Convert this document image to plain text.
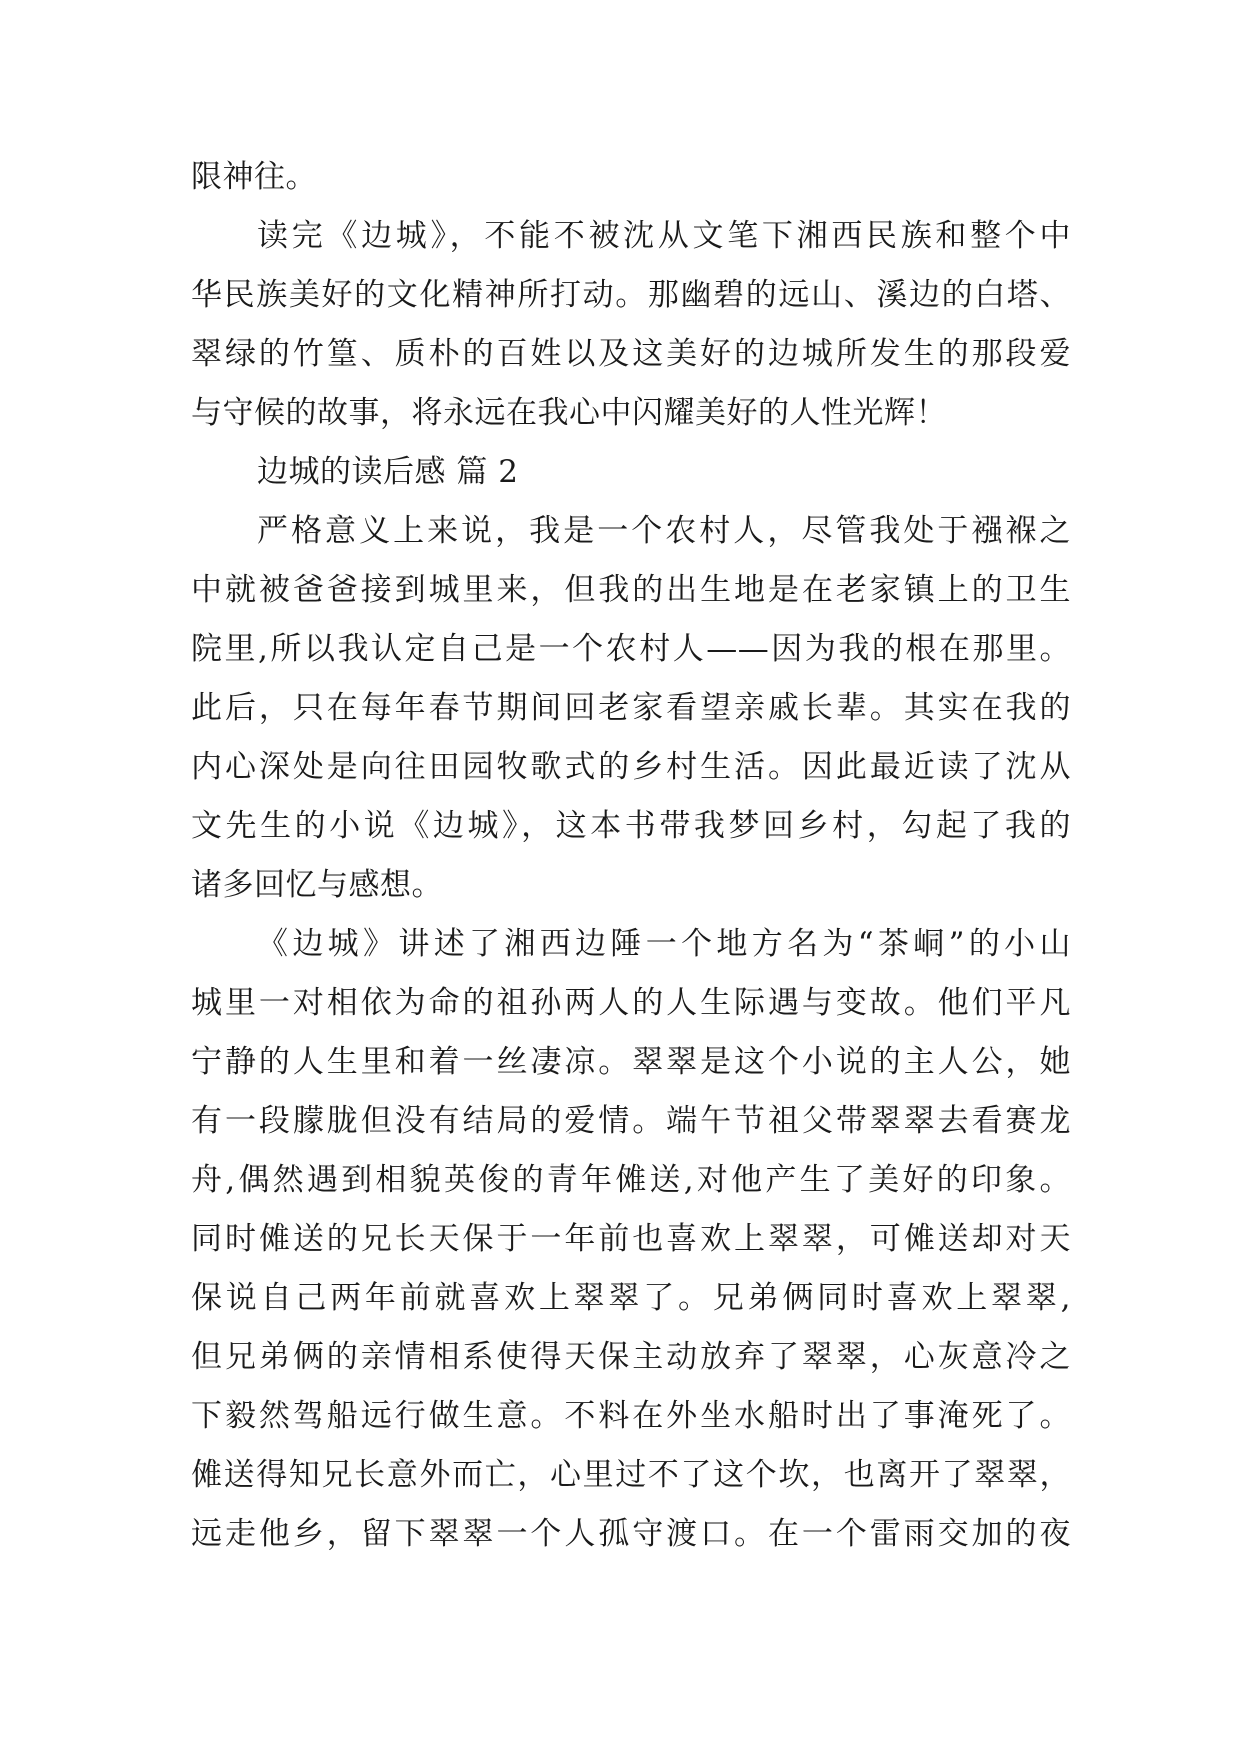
限神往。
读完《边城》，不能不被沈从文笔下湘西民族和整个中
华民族美好的文化精神所打动。那幽碧的远山、溪边的白塔、
翠绿的竹篁、质朴的百姓以及这美好的边城所发生的那段爱
与守候的故事，将永远在我心中闪耀美好的人性光辉！
边城的读后感 篇 2
严格意义上来说，我是一个农村人，尽管我处于襁褓之
中就被爸爸接到城里来，但我的出生地是在老家镇上的卫生
院里,所以我认定自己是一个农村人——因为我的根在那里。
此后，只在每年春节期间回老家看望亲戚长辈。其实在我的
内心深处是向往田园牧歌式的乡村生活。因此最近读了沈从
文先生的小说《边城》，这本书带我梦回乡村，勾起了我的
诸多回忆与感想。
《边城》讲述了湘西边陲一个地方名为“茶峒”的小山
城里一对相依为命的祖孙两人的人生际遇与变故。他们平凡
宁静的人生里和着一丝凄凉。翠翠是这个小说的主人公，她
有一段朦胧但没有结局的爱情。端午节祖父带翠翠去看赛龙
舟,偶然遇到相貌英俊的青年傩送,对他产生了美好的印象。
同时傩送的兄长天保于一年前也喜欢上翠翠，可傩送却对天
保说自己两年前就喜欢上翠翠了。兄弟俩同时喜欢上翠翠,
但兄弟俩的亲情相系使得天保主动放弃了翠翠，心灰意冷之
下毅然驾船远行做生意。不料在外坐水船时出了事淹死了。
傩送得知兄长意外而亡，心里过不了这个坎，也离开了翠翠，
远走他乡，留下翠翠一个人孤守渡口。在一个雷雨交加的夜
